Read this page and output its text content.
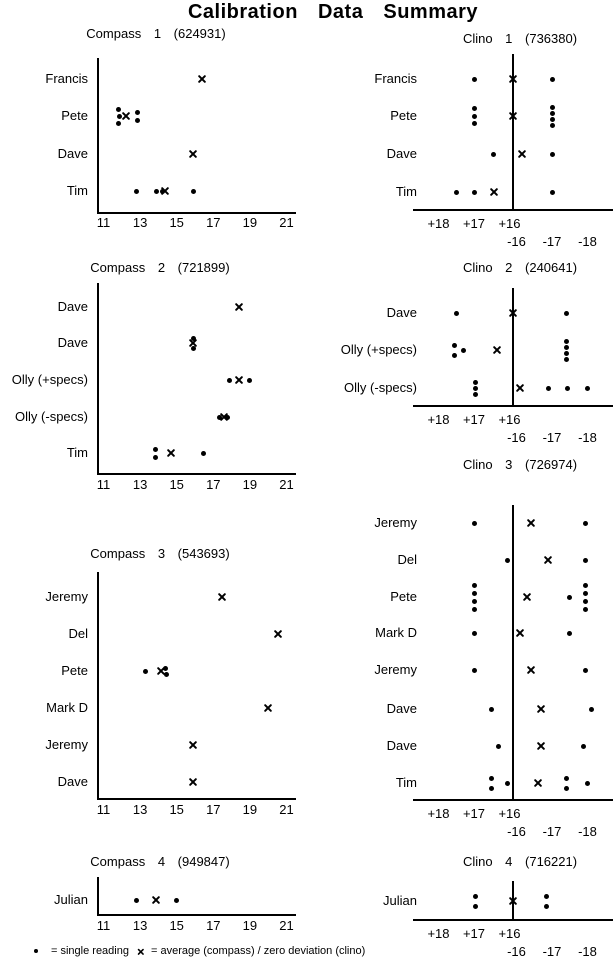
Calibration Data Summary
Compass 1 (624931)
11 13 15 17 19 21
Francis
Pete
Dave
Tim
Clino 1 (736380)
+18 +17 +16
-16 -17 -18
Francis
Pete
Dave
Tim
Compass 2 (721899)
11 13 15 17 19 21
Dave
Dave
Olly (+specs)
Olly (-specs)
Tim
Clino 2 (240641)
+18 +17 +16
-16 -17 -18
Dave
Olly (+specs)
Olly (-specs)
Compass 3 (543693)
11 13 15 17 19 21
Jeremy
Del
Pete
Mark D
Jeremy
Dave
Clino 3 (726974)
+18 +17 +16
-16 -17 -18
Jeremy
Del
Pete
Mark D
Jeremy
Dave
Dave
Tim
Compass 4 (949847)
11 13 15 17 19 21
Julian
Clino 4 (716221)
+18 +17 +16
-16 -17 -18
Julian
= single reading = average (compass) / zero deviation (clino)
